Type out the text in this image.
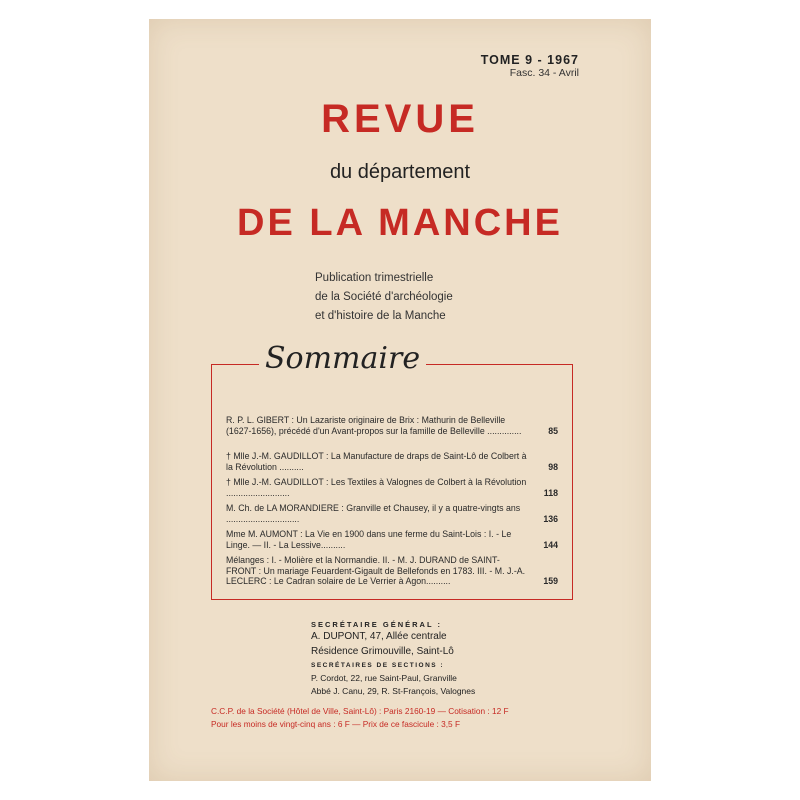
TOME 9 - 1967
Fasc. 34 - Avril
REVUE
du département
DE LA MANCHE
Publication trimestrielle
de la Société d'archéologie
et d'histoire de la Manche
Sommaire
R. P. L. GIBERT : Un Lazariste originaire de Brix : Mathurin de Belleville (1627-1656), précédé d'un Avant-propos sur la famille de Belleville ..............	85
† Mlle J.-M. GAUDILLOT : La Manufacture de draps de Saint-Lô de Colbert à la Révolution ..........	98
† Mlle J.-M. GAUDILLOT : Les Textiles à Valognes de Colbert à la Révolution ..........................	118
M. Ch. de LA MORANDIERE : Granville et Chausey, il y a quatre-vingts ans ..............................	136
Mme M. AUMONT : La Vie en 1900 dans une ferme du Saint-Lois : I. - Le Linge. — II. - La Lessive..........	144
Mélanges : I. - Molière et la Normandie. II. - M. J. DURAND de SAINT-FRONT : Un mariage Feuardent-Gigault de Bellefonds en 1783. III. - M. J.-A. LECLERC : Le Cadran solaire de Le Verrier à Agon..........	159
SECRÉTAIRE GÉNÉRAL :
A. DUPONT, 47, Allée centrale
Résidence Grimouville, Saint-Lô
SECRÉTAIRES DE SECTIONS :
P. Cordot, 22, rue Saint-Paul, Granville
Abbé J. Canu, 29, R. St-François, Valognes
C.C.P. de la Société (Hôtel de Ville, Saint-Lô) : Paris 2160-19 — Cotisation : 12 F
Pour les moins de vingt-cinq ans : 6 F — Prix de ce fascicule : 3,5 F
